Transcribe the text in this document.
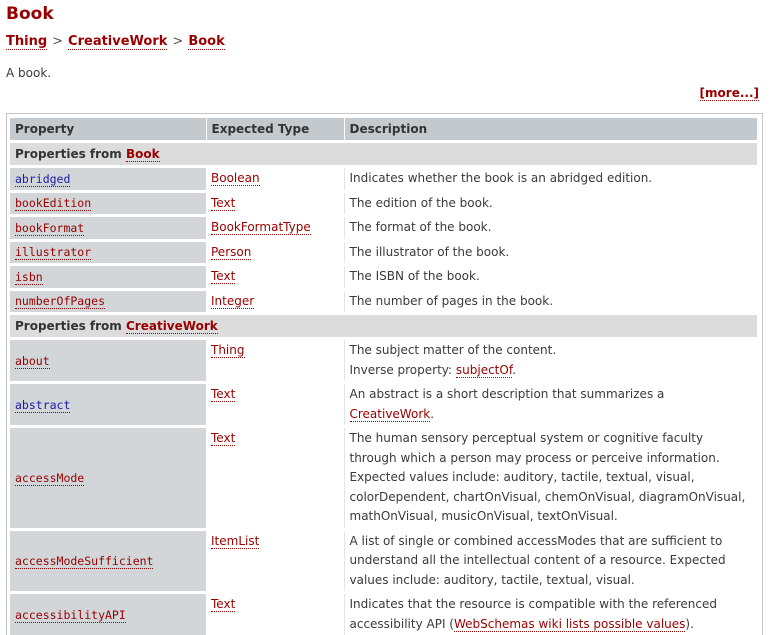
Book
Thing > CreativeWork > Book
A book.
[more...]
Property	Expected Type	Description
Properties from Book		
abridged	Boolean	Indicates whether the book is an abridged edition.
bookEdition	Text	The edition of the book.
bookFormat	BookFormatType	The format of the book.
illustrator	Person	The illustrator of the book.
isbn	Text	The ISBN of the book.
numberOfPages	Integer	The number of pages in the book.
Properties from CreativeWork		
about	Thing	The subject matter of the content.
Inverse property: subjectOf.

abstract	Text	An abstract is a short description that summarizes a CreativeWork.
accessMode	Text	The human sensory perceptual system or cognitive faculty through which a person may process or perceive information. Expected values include: auditory, tactile, textual, visual, colorDependent, chartOnVisual, chemOnVisual, diagramOnVisual, mathOnVisual, musicOnVisual, textOnVisual.
accessModeSufficient	ItemList	A list of single or combined accessModes that are sufficient to understand all the intellectual content of a resource. Expected values include: auditory, tactile, textual, visual.
accessibilityAPI	Text	Indicates that the resource is compatible with the referenced accessibility API (WebSchemas wiki lists possible values).
